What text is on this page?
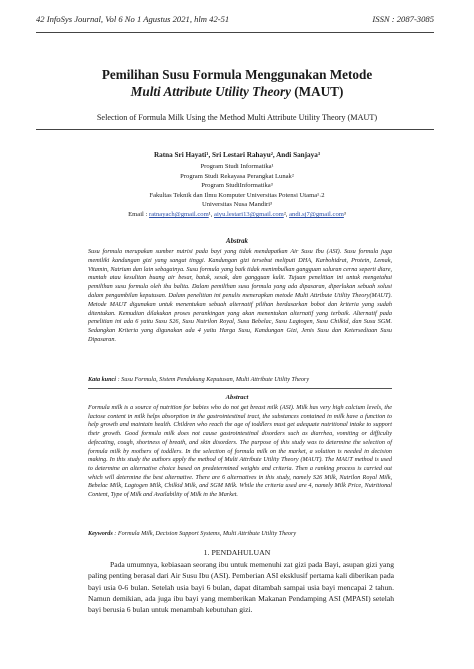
42 InfoSys Journal, Vol 6 No 1 Agustus 2021, hlm 42-51	ISSN : 2087-3085
Pemilihan Susu Formula Menggunakan Metode
Multi Attribute Utility Theory (MAUT)
Selection of Formula Milk Using the Method Multi Attribute Utility Theory (MAUT)
Ratna Sri Hayati¹, Sri Lestari Rahayu², Andi Sanjaya³
Program Studi Informatika¹
Program Studi Rekayasa Perangkat Lunak²
Program StudiInformatika³
Fakultas Teknik dan Ilmu Komputer Universitas Potensi Utama¹˒2
Universitas Nusa Mandiri³
Email : ratnayach@gmail.com¹, aiyu.lestari13@gmail.com², andi.sj7@gmail.com³
Abstrak
Susu formula merupakan sumber nutrisi pada bayi yang tidak mendapatkan Air Susu Ibu (ASI). Susu formula juga memiliki kandungan gizi yang sangat tinggi. Kandungan gizi tersebut meliputi DHA, Karbohidrat, Protein, Lemak, Vitamin, Natrium dan lain sebagainya. Susu formula yang baik tidak menimbulkan gangguan saluran cerna seperti diare, muntah atau kesulitan buang air besar, batuk, sesak, dan gangguan kulit. Tujuan penelitian ini untuk mengetahui pemilihan susu formula oleh ibu balita. Dalam pemilihan susu formula yang ada dipasaran, diperlukan sebuah solusi dalam pengambilan keputusan. Dalam penelitian ini penulis menerapkan metode Multi Attribute Utility Theory(MAUT). Metode MAUT digunakan untuk menentukan sebuah alternatif pilihan berdasarkan bobot dan kriteria yang sudah ditentukan. Kemudian dilakukan proses perankingan yang akan menentukan alternatif yang terbaik. Alternatif pada penelitian ini ada 6 yaitu Susu S26, Susu Nutrilon Royal, Susu Bebelac, Susu Lagtogen, Susu Chilkid, dan Susu SGM. Sedangkan Kriteria yang digunakan ada 4 yaitu Harga Susu, Kandungan Gizi, Jenis Susu dan Ketersediaan Susu Dipasaran.
Kata kunci : Susu Formula, Sistem Pendukung Keputusan, Multi Attribute Utility Theory
Abstract
Formula milk is a source of nutrition for babies who do not get breast milk (ASI). Milk has very high calcium levels, the lactose content in milk helps absorption in the gastrointestinal tract, the substances contained in milk have a function to help growth and maintain health. Children who reach the age of toddlers must get adequate nutritional intake to support their growth. Good formula milk does not cause gastrointestinal disorders such as diarrhea, vomiting or difficulty defecating, cough, shortness of breath, and skin disorders. The purpose of this study was to determine the selection of formula milk by mothers of toddlers. In the selection of formula milk on the market, a solution is needed in decision making. In this study the authors apply the method of Multi Attribute Utility Theory (MAUT). The MAUT method is used to determine an alternative choice based on predetermined weights and criteria. Then a ranking process is carried out which will determine the best alternative. There are 6 alternatives in this study, namely S26 Milk, Nutrilon Royal Milk, Bebelac Milk, Lagtogen Milk, Chilkid Milk, and SGM Milk. While the criteria used are 4, namely Milk Price, Nutritional Content, Type of Milk and Availability of Milk in the Market.
Keywords : Formula Milk, Decision Support Systems, Multi Attribute Utility Theory
1. PENDAHULUAN
Pada umumnya, kebiasaan seorang ibu untuk memenuhi zat gizi pada Bayi, asupan gizi yang paling penting berasal dari Air Susu Ibu (ASI). Pemberian ASI eksklusif pertama kali diberikan pada bayi usia 0-6 bulan. Setelah usia bayi 6 bulan, dapat ditambah sampai usia bayi mencapai 2 tahun. Namun demikian, ada juga ibu bayi yang memberikan Makanan Pendamping ASI (MPASI) setelah bayi berusia 6 bulan untuk menambah kebutuhan gizi.
